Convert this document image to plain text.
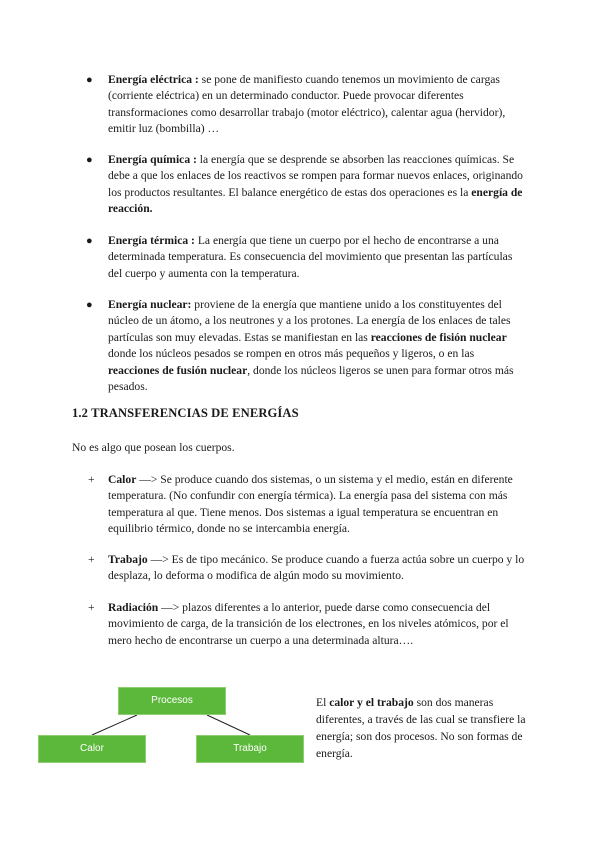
● Energía eléctrica : se pone de manifiesto cuando tenemos un movimiento de cargas (corriente eléctrica) en un determinado conductor. Puede provocar diferentes transformaciones como desarrollar trabajo (motor eléctrico), calentar agua (hervidor), emitir luz (bombilla) …

● Energía química : la energía que se desprende se absorben las reacciones químicas. Se debe a que los enlaces de los reactivos se rompen para formar nuevos enlaces, originando los productos resultantes. El balance energético de estas dos operaciones es la energía de reacción.

● Energía térmica : La energía que tiene un cuerpo por el hecho de encontrarse a una determinada temperatura. Es consecuencia del movimiento que presentan las partículas del cuerpo y aumenta con la temperatura.

● Energía nuclear: proviene de la energía que mantiene unido a los constituyentes del núcleo de un átomo, a los neutrones y a los protones. La energía de los enlaces de tales partículas son muy elevadas. Estas se manifiestan en las reacciones de fisión nuclear donde los núcleos pesados se rompen en otros más pequeños y ligeros, o en las reacciones de fusión nuclear, donde los núcleos ligeros se unen para formar otros más pesados.

1.2 TRANSFERENCIAS DE ENERGÍAS
No es algo que posean los cuerpos.
+ Calor —> Se produce cuando dos sistemas, o un sistema y el medio, están en diferente temperatura. (No confundir con energía térmica). La energía pasa del sistema con más temperatura al que. Tiene menos. Dos sistemas a igual temperatura se encuentran en equilibrio térmico, donde no se intercambia energía.

+ Trabajo —> Es de tipo mecánico. Se produce cuando a fuerza actúa sobre un cuerpo y lo desplaza, lo deforma o modifica de algún modo su movimiento.

+ Radiación —> plazos diferentes a lo anterior, puede darse como consecuencia del movimiento de carga, de la transición de los electrones, en los niveles atómicos, por el mero hecho de encontrarse un cuerpo a una determinada altura….

Procesos
Calor	Trabajo
El calor y el trabajo son dos maneras diferentes, a través de las cual se transfiere la energía; son dos procesos. No son formas de energía.
